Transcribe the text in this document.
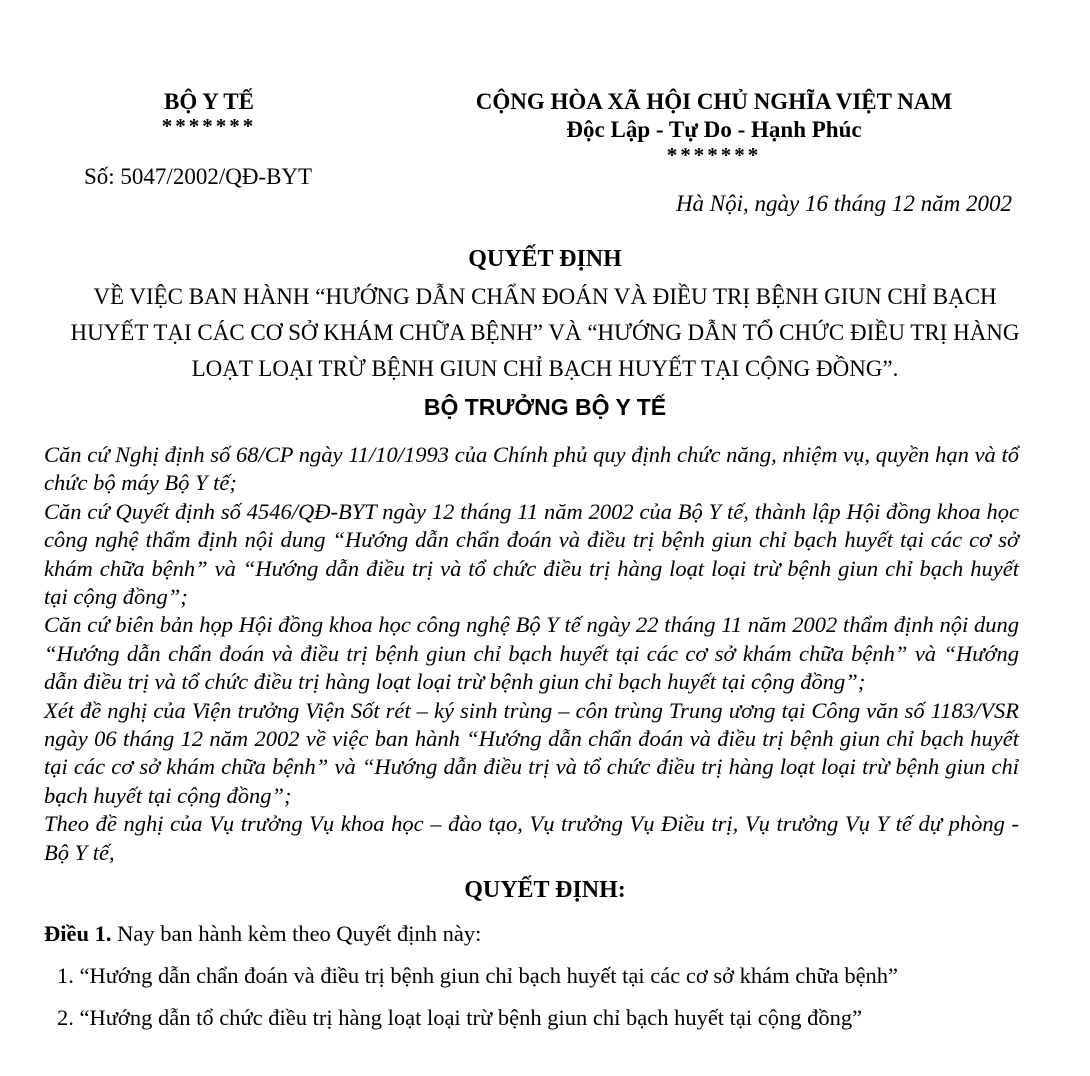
BỘ Y TẾ
*******
Số: 5047/2002/QĐ-BYT
CỘNG HÒA XÃ HỘI CHỦ NGHĨA VIỆT NAM
Độc Lập - Tự Do - Hạnh Phúc
*******
Hà Nội, ngày 16 tháng 12 năm 2002
QUYẾT ĐỊNH
VỀ VIỆC BAN HÀNH “HƯỚNG DẪN CHẨN ĐOÁN VÀ ĐIỀU TRỊ BỆNH GIUN CHỈ BẠCH HUYẾT TẠI CÁC CƠ SỞ KHÁM CHỮA BỆNH” VÀ “HƯỚNG DẪN TỔ CHỨC ĐIỀU TRỊ HÀNG LOẠT LOẠI TRỪ BỆNH GIUN CHỈ BẠCH HUYẾT TẠI CỘNG ĐỒNG”.
BỘ TRƯỞNG BỘ Y TẾ

Căn cứ Nghị định số 68/CP ngày 11/10/1993 của Chính phủ quy định chức năng, nhiệm vụ, quyền hạn và tổ chức bộ máy Bộ Y tế;

Căn cứ Quyết định số 4546/QĐ-BYT ngày 12 tháng 11 năm 2002 của Bộ Y tế, thành lập Hội đồng khoa học công nghệ thẩm định nội dung “Hướng dẫn chẩn đoán và điều trị bệnh giun chỉ bạch huyết tại các cơ sở khám chữa bệnh” và “Hướng dẫn điều trị và tổ chức điều trị hàng loạt loại trừ bệnh giun chỉ bạch huyết tại cộng đồng”;

Căn cứ biên bản họp Hội đồng khoa học công nghệ Bộ Y tế ngày 22 tháng 11 năm 2002 thẩm định nội dung “Hướng dẫn chẩn đoán và điều trị bệnh giun chỉ bạch huyết tại các cơ sở khám chữa bệnh” và “Hướng dẫn điều trị và tổ chức điều trị hàng loạt loại trừ bệnh giun chỉ bạch huyết tại cộng đồng”;

Xét đề nghị của Viện trưởng Viện Sốt rét – ký sinh trùng – côn trùng Trung ương tại Công văn số 1183/VSR ngày 06 tháng 12 năm 2002 về việc ban hành “Hướng dẫn chẩn đoán và điều trị bệnh giun chỉ bạch huyết tại các cơ sở khám chữa bệnh” và “Hướng dẫn điều trị và tổ chức điều trị hàng loạt loại trừ bệnh giun chỉ bạch huyết tại cộng đồng”;

Theo đề nghị của Vụ trưởng Vụ khoa học – đào tạo, Vụ trưởng Vụ Điều trị, Vụ trưởng Vụ Y tế dự phòng - Bộ Y tế,

QUYẾT ĐỊNH:

Điều 1. Nay ban hành kèm theo Quyết định này:

1. “Hướng dẫn chẩn đoán và điều trị bệnh giun chỉ bạch huyết tại các cơ sở khám chữa bệnh”

2. “Hướng dẫn tổ chức điều trị hàng loạt loại trừ bệnh giun chỉ bạch huyết tại cộng đồng”
